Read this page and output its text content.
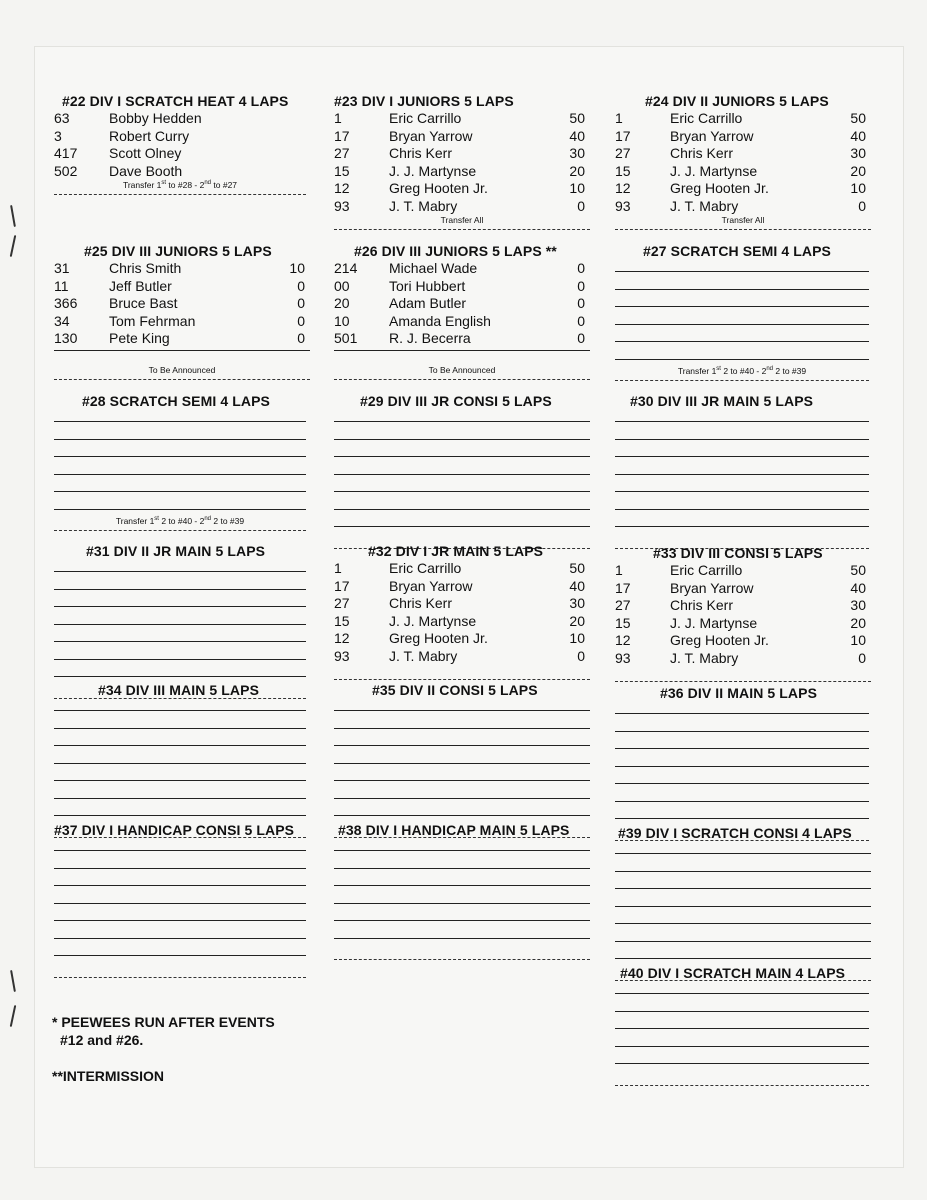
#22 DIV I SCRATCH HEAT 4 LAPS
63	Bobby Hedden
3	Robert Curry
417 Scott Olney
502 Dave Booth
Transfer 1st to #28 - 2nd to #27
#23 DIV I JUNIORS 5 LAPS
1	Eric Carrillo	50
17	Bryan Yarrow	40
27	Chris Kerr	30
15	J. J. Martynse	20
12	Greg Hooten Jr.	10
93	J. T. Mabry	0
Transfer All
#24 DIV II JUNIORS 5 LAPS
1	Eric Carrillo	50
17	Bryan Yarrow	40
27	Chris Kerr	30
15	J. J. Martynse	20
12	Greg Hooten Jr.	10
93	J. T. Mabry	0
Transfer All
#25 DIV III JUNIORS 5 LAPS
31	Chris Smith	10
11	Jeff Butler	0
366 Bruce Bast	0
34	Tom Fehrman	0
130 Pete King	0
To Be Announced
#26 DIV III JUNIORS 5 LAPS **
214 Michael Wade	0
00	Tori Hubbert	0
20	Adam Butler	0
10	Amanda English	0
501 R. J. Becerra	0
To Be Announced
#27 SCRATCH SEMI 4 LAPS
Transfer 1st 2 to #40 - 2nd 2 to #39
#28 SCRATCH SEMI 4 LAPS
Transfer 1st 2 to #40 - 2nd 2 to #39
#29 DIV III JR CONSI 5 LAPS	#30 DIV III JR MAIN 5 LAPS
#31 DIV II JR MAIN 5 LAPS	#32 DIV I JR MAIN 5 LAPS
1	Eric Carrillo	50
17	Bryan Yarrow	40
27	Chris Kerr	30
15	J. J. Martynse	20
12	Greg Hooten Jr.	10
93	J. T. Mabry	0
#33 DIV III CONSI 5 LAPS
1	Eric Carrillo	50
17	Bryan Yarrow	40
27	Chris Kerr	30
15	J. J. Martynse	20
12	Greg Hooten Jr.	10
93	J. T. Mabry	0
#34 DIV III MAIN 5 LAPS	#35 DIV II CONSI 5 LAPS	#36 DIV II MAIN 5 LAPS
#37 DIV I HANDICAP CONSI 5 LAPS	#38 DIV I HANDICAP MAIN 5 LAPS	#39 DIV I SCRATCH CONSI 4 LAPS
#40 DIV I SCRATCH MAIN 4 LAPS
* PEEWEES RUN AFTER EVENTS
#12 and #26.
**INTERMISSION
